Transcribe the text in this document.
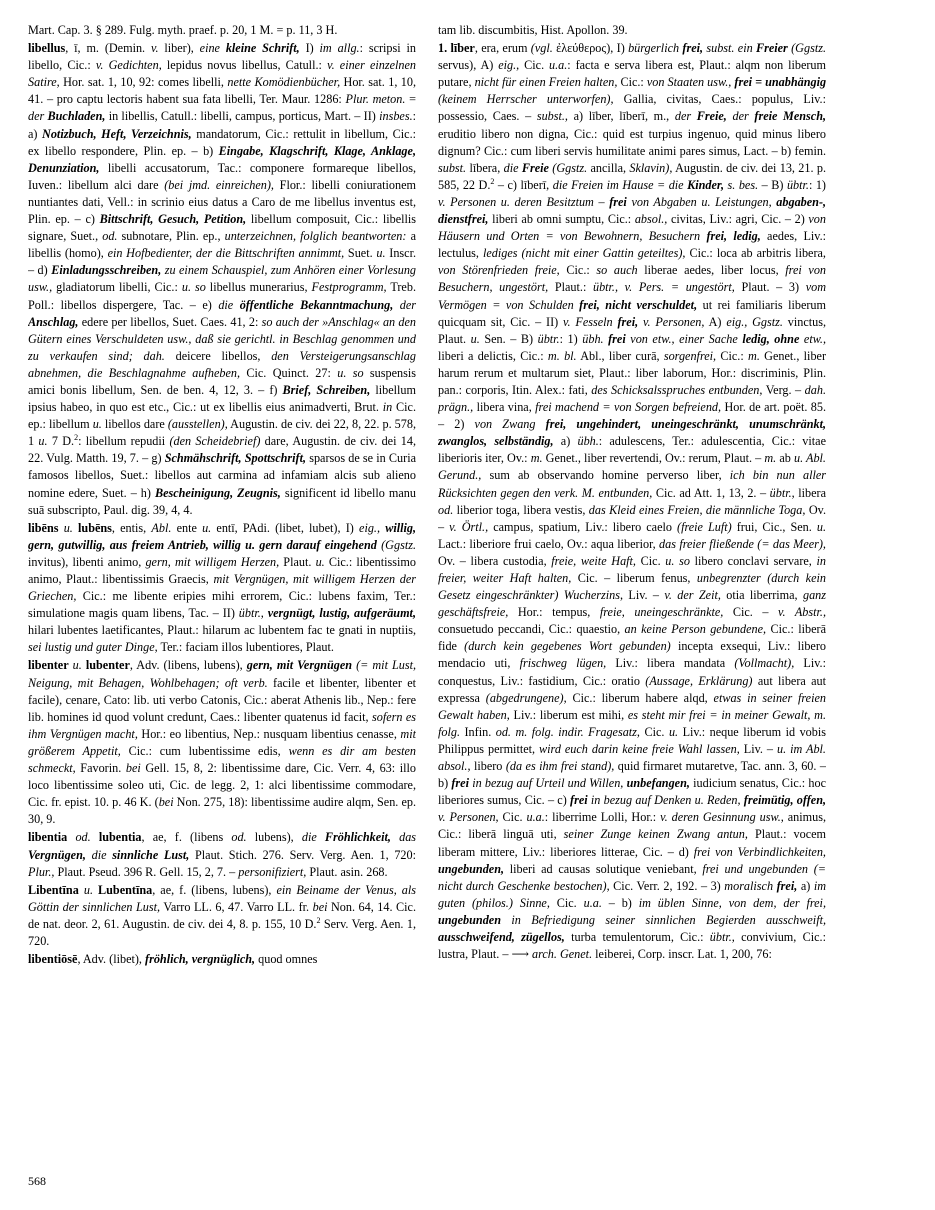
Mart. Cap. 3. § 289. Fulg. myth. praef. p. 20, 1 M. = p. 11, 3 H.
libellus, ī, m. (Demin. v. liber), eine kleine Schrift, I) im allg.: scripsi in libello, Cic.: v. Gedichten, lepidus novus libellus, Catull.: v. einer einzelnen Satire, Hor. sat. 1, 10, 92: comes libelli, nette Komödienbücher, Hor. sat. 1, 10, 41. – pro captu lectoris habent sua fata libelli, Ter. Maur. 1286: Plur. meton. = der Buchladen, in libellis, Catull.: libelli, campus, porticus, Mart. – II) insbes.: a) Notizbuch, Heft, Verzeichnis, mandatorum, Cic.: rettulit in libellum, Cic.: ex libello respondere, Plin. ep. – b) Eingabe, Klagschrift, Klage, Anklage, Denunziation, libelli accusatorum, Tac.: componere formareque libellos, Iuven.: libellum alci dare (bei jmd. einreichen), Flor.: libelli coniurationem nuntiantes dati, Vell.: in scrinio eius datus a Caro de me libellus inventus est, Plin. ep. – c) Bittschrift, Gesuch, Petition, libellum composuit, Cic.: libellis signare, Suet., od. subnotare, Plin. ep., unterzeichnen, folglich beantworten: a libellis (homo), ein Hofbedienter, der die Bittschriften annimmt, Suet. u. Inscr. – d) Einladungsschreiben, zu einem Schauspiel, zum Anhören einer Vorlesung usw., gladiatorum libelli, Cic.: u. so libellus munerarius, Festprogramm, Treb. Poll.: libellos dispergere, Tac. – e) die öffentliche Bekanntmachung, der Anschlag, edere per libellos, Suet. Caes. 41, 2: so auch der »Anschlag« an den Gütern eines Verschuldeten usw., daß sie gerichtl. in Beschlag genommen und zu verkaufen sind; dah. deicere libellos, den Versteigerungsanschlag abnehmen, die Beschlagnahme aufheben, Cic. Quinct. 27: u. so suspensis amici bonis libellum, Sen. de ben. 4, 12, 3. – f) Brief, Schreiben, libellum ipsius habeo, in quo est etc., Cic.: ut ex libellis eius animadverti, Brut. in Cic. ep.: libellum u. libellos dare (ausstellen), Augustin. de civ. dei 22, 8, 22. p. 578, 1 u. 7 D.$^2$: libellum repudii (den Scheidebrief) dare, Augustin. de civ. dei 14, 22. Vulg. Matth. 19, 7. – g) Schmähschrift, Spottschrift, sparsos de se in Curia famosos libellos, Suet.: libellos aut carmina ad infamiam alcis sub alieno nomine edere, Suet. – h) Bescheinigung, Zeugnis, significent id libello manu suā subscripto, Paul. dig. 39, 4, 4.
libēns u. lubēns, entis, Abl. ente u. entī, PAdi. (libet, lubet), I) eig., willig, gern, gutwillig, aus freiem Antrieb, willig u. gern darauf eingehend (Ggstz. invitus), libenti animo, gern, mit willigem Herzen, Plaut. u. Cic.: libentissimo animo, Plaut.: libentissimis Graecis, mit Vergnügen, mit willigem Herzen der Griechen, Cic.: me libente eripies mihi errorem, Cic.: lubens faxim, Ter.: simulatione magis quam libens, Tac. – II) übtr., vergnügt, lustig, aufgeräumt, hilari lubentes laetificantes, Plaut.: hilarum ac lubentem fac te gnati in nuptiis, sei lustig und guter Dinge, Ter.: faciam illos lubentiores, Plaut.
libenter u. lubenter, Adv. (libens, lubens), gern, mit Vergnügen (= mit Lust, Neigung, mit Behagen, Wohlbehagen; oft verb. facile et libenter, libenter et facile), cenare, Cato: lib. uti verbo Catonis, Cic.: aberat Athenis lib., Nep.: fere lib. homines id quod volunt credunt, Caes.: libenter quatenus id facit, sofern es ihm Vergnügen macht, Hor.: eo libentius, Nep.: nusquam libentius cenasse, mit größerem Appetit, Cic.: cum lubentissime edis, wenn es dir am besten schmeckt, Favorin. bei Gell. 15, 8, 2: libentissime dare, Cic. Verr. 4, 63: illo loco libentissime soleo uti, Cic. de legg. 2, 1: alci libentissime commodare, Cic. fr. epist. 10. p. 46 K. (bei Non. 275, 18): libentissime audire alqm, Sen. ep. 30, 9.
libentia od. lubentia, ae, f. (libens od. lubens), die Fröhlichkeit, das Vergnügen, die sinnliche Lust, Plaut. Stich. 276. Serv. Verg. Aen. 1, 720: Plur., Plaut. Pseud. 396 R. Gell. 15, 2, 7. – personifiziert, Plaut. asin. 268.
Libentīna u. Lubentīna, ae, f. (libens, lubens), ein Beiname der Venus, als Göttin der sinnlichen Lust, Varro LL. 6, 47. Varro LL. fr. bei Non. 64, 14. Cic. de nat. deor. 2, 61. Augustin. de civ. dei 4, 8. p. 155, 10 D.$^2$ Serv. Verg. Aen. 1, 720.
libentiōsē, Adv. (libet), fröhlich, vergnüglich, quod omnes
tam lib. discumbitis, Hist. Apollon. 39.
1. līber, era, erum (vgl. ἐλεύθερος), I) bürgerlich frei, subst. ein Freier (Ggstz. servus), A) eig., Cic. u.a.: facta e serva libera est, Plaut.: alqm non liberum putare, nicht für einen Freien halten, Cic.: von Staaten usw., frei = unabhängig (keinem Herrscher unterworfen), Gallia, civitas, Caes.: populus, Liv.: possessio, Caes. – subst., a) līber, līberī, m., der Freie, der freie Mensch, eruditio libero non digna, Cic.: quid est turpius ingenuo, quid minus libero dignum? Cic.: cum liberi servis humilitate animi pares simus, Lact. – b) femin. subst. lībera, die Freie (Ggstz. ancilla, Sklavin), Augustin. de civ. dei 13, 21. p. 585, 22 D.$^2$ – c) līberī, die Freien im Hause = die Kinder, s. bes. – B) übtr.: 1) v. Personen u. deren Besitztum – frei von Abgaben u. Leistungen, abgaben-, dienstfrei, liberi ab omni sumptu, Cic.: absol., civitas, Liv.: agri, Cic. – 2) von Häusern und Orten = von Bewohnern, Besuchern frei, ledig, aedes, Liv.: lectulus, lediges (nicht mit einer Gattin geteiltes), Cic.: loca ab arbitris libera, von Störenfrieden freie, Cic.: so auch liberae aedes, liber locus, frei von Besuchern, ungestört, Plaut.: übtr., v. Pers. = ungestört, Plaut. – 3) vom Vermögen = von Schulden frei, nicht verschuldet, ut rei familiaris liberum quicquam sit, Cic. – II) v. Fesseln frei, v. Personen, A) eig., Ggstz. vinctus, Plaut. u. Sen. – B) übtr.: 1) übh. frei von etw., einer Sache ledig, ohne etw., liberi a delictis, Cic.: m. bl. Abl., liber curā, sorgenfrei, Cic.: m. Genet., liber harum rerum et multarum siet, Plaut.: liber laborum, Hor.: discriminis, Plin. pan.: corporis, Itin. Alex.: fati, des Schicksalsspruches entbunden, Verg. – dah. prägn., libera vina, frei machend = von Sorgen befreiend, Hor. de art. poët. 85. – 2) von Zwang frei, ungehindert, uneingeschränkt, unumschränkt, zwanglos, selbständig, a) übh.: adulescens, Ter.: adulescentia, Cic.: vitae liberioris iter, Ov.: m. Genet., liber revertendi, Ov.: rerum, Plaut. – m. ab u. Abl. Gerund., sum ab observando homine perverso liber, ich bin nun aller Rücksichten gegen den verk. M. entbunden, Cic. ad Att. 1, 13, 2. – übtr., libera od. liberior toga, libera vestis, das Kleid eines Freien, die männliche Toga, Ov. – v. Örtl., campus, spatium, Liv.: libero caelo (freie Luft) frui, Cic., Sen. u. Lact.: liberiore frui caelo, Ov.: aqua liberior, das freier fließende (= das Meer), Ov. – libera custodia, freie, weite Haft, Cic. u. so libero conclavi servare, in freier, weiter Haft halten, Cic. – liberum fenus, unbegrenzter (durch kein Gesetz eingeschränkter) Wucherzins, Liv. – v. der Zeit, otia liberrima, ganz geschäftsfreie, Hor.: tempus, freie, uneingeschränkte, Cic. – v. Abstr., consuetudo peccandi, Cic.: quaestio, an keine Person gebundene, Cic.: liberā fide (durch kein gegebenes Wort gebunden) incepta exsequi, Liv.: libero mendacio uti, frischweg lügen, Liv.: libera mandata (Vollmacht), Liv.: conquestus, Liv.: fastidium, Cic.: oratio (Aussage, Erklärung) aut libera aut expressa (abgedrungene), Cic.: liberum habere alqd, etwas in seiner freien Gewalt haben, Liv.: liberum est mihi, es steht mir frei = in meiner Gewalt, m. folg. Infin. od. m. folg. indir. Fragesatz, Cic. u. Liv.: neque liberum id vobis Philippus permittet, wird euch darin keine freie Wahl lassen, Liv. – u. im Abl. absol., libero (da es ihm frei stand), quid firmaret mutaretve, Tac. ann. 3, 60. – b) frei in bezug auf Urteil und Willen, unbefangen, iudicium senatus, Cic.: hoc liberiores sumus, Cic. – c) frei in bezug auf Denken u. Reden, freimütig, offen, v. Personen, Cic. u.a.: liberrime Lolli, Hor.: v. deren Gesinnung usw., animus, Cic.: liberā linguā uti, seiner Zunge keinen Zwang antun, Plaut.: vocem liberam mittere, Liv.: liberiores litterae, Cic. – d) frei von Verbindlichkeiten, ungebunden, liberi ad causas solutique veniebant, frei und ungebunden (= nicht durch Geschenke bestochen), Cic. Verr. 2, 192. – 3) moralisch frei, a) im guten (philos.) Sinne, Cic. u.a. – b) im üblen Sinne, von dem, der frei, ungebunden in Befriedigung seiner sinnlichen Begierden ausschweift, ausschweifend, zügellos, turba temulentorum, Cic.: übtr., convivium, Cic.: lustra, Plaut. – ⟶ arch. Genet. leiberei, Corp. inscr. Lat. 1, 200, 76:
568
